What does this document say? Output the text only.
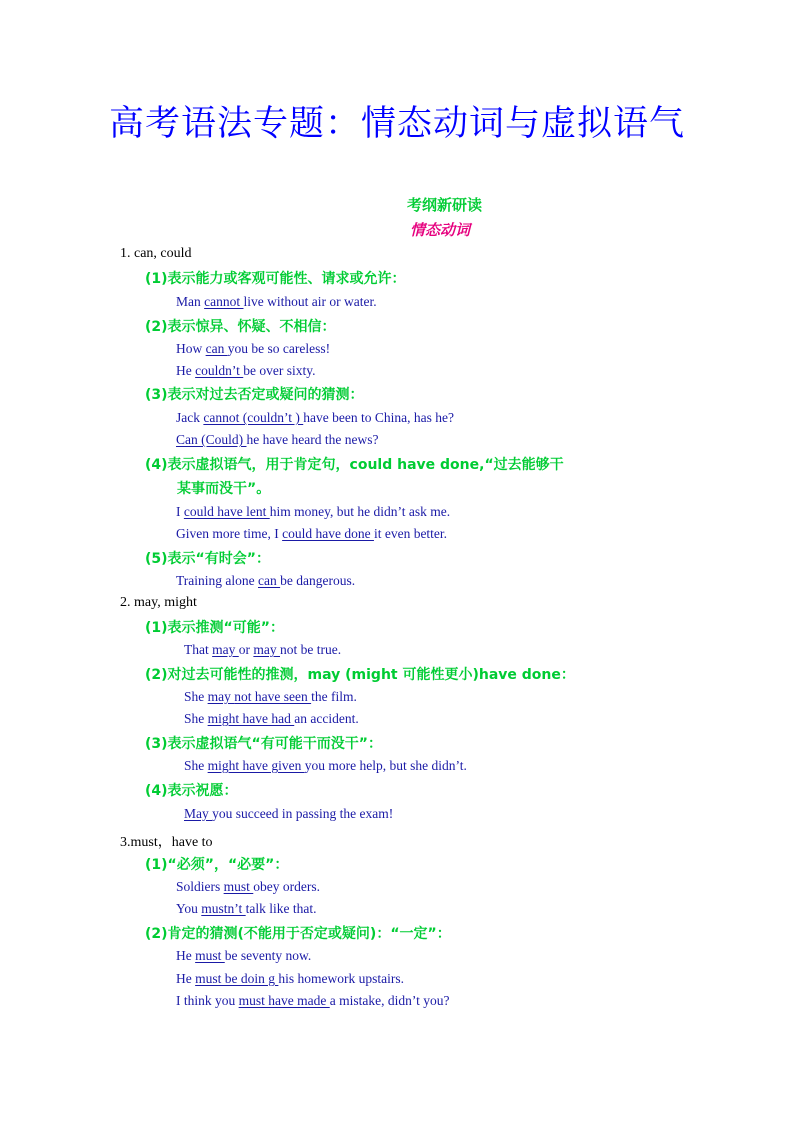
高考语法专题：情态动词与虚拟语气
考纲新研读
情态动词
1. can, could
(1)表示能力或客观可能性、请求或允许：
Man cannot live without air or water.
(2)表示惊异、怀疑、不相信：
How can you be so careless!
He couldn’t be over sixty.
(3)表示对过去否定或疑问的猜测：
Jack cannot (couldn’t ) have been to China, has he?
Can (Could) he have heard the news?
(4)表示虚拟语气，用于肯定句，could have done,“过去能够干
某事而没干”。
I could have lent him money, but he didn’t ask me.
Given more time, I could have done it even better.
(5)表示“有时会”：
Training alone can be dangerous.
2. may, might
(1)表示推测“可能”：
That may or may not be true.
(2)对过去可能性的推测，may (might 可能性更小)have done：
She may not have seen the film.
She might have had an accident.
(3)表示虚拟语气“有可能干而没干”：
She might have given you more help, but she didn’t.
(4)表示祝愿：
May you succeed in passing the exam!
3.must，have to
(1)“必须”，“必要”：
Soldiers must obey orders.
You mustn’t talk like that.
(2)肯定的猜测(不能用于否定或疑问)：“一定”：
He must be seventy now.
He must be doin g his homework upstairs.
I think you must have made a mistake, didn’t you?
